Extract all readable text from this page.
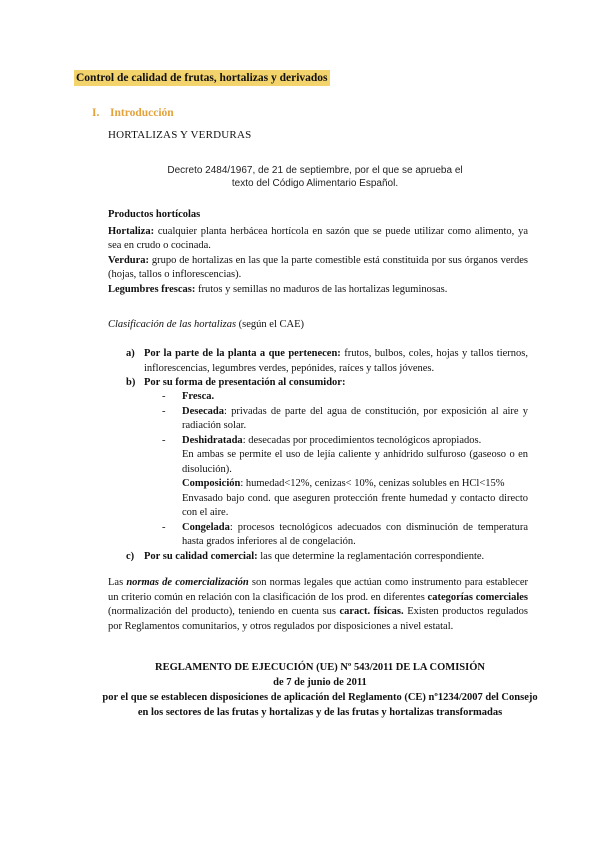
Control de calidad de frutas, hortalizas y derivados
I. Introducción
HORTALIZAS Y VERDURAS
Decreto 2484/1967, de 21 de septiembre, por el que se aprueba el
texto del Código Alimentario Español.
Productos hortícolas
Hortaliza: cualquier planta herbácea hortícola en sazón que se puede utilizar como alimento, ya sea en crudo o cocinada.
Verdura: grupo de hortalizas en las que la parte comestible está constituida por sus órganos verdes (hojas, tallos o inflorescencias).
Legumbres frescas: frutos y semillas no maduros de las hortalizas leguminosas.
Clasificación de las hortalizas (según el CAE)
a) Por la parte de la planta a que pertenecen: frutos, bulbos, coles, hojas y tallos tiernos, inflorescencias, legumbres verdes, pepónides, raíces y tallos jóvenes.
b) Por su forma de presentación al consumidor:
- Fresca.
- Desecada: privadas de parte del agua de constitución, por exposición al aire y radiación solar.
- Deshidratada: desecadas por procedimientos tecnológicos apropiados.
En ambas se permite el uso de lejía caliente y anhídrido sulfuroso (gaseoso o en disolución).
Composición: humedad<12%, cenizas< 10%, cenizas solubles en HCl<15%
Envasado bajo cond. que aseguren protección frente humedad y contacto directo con el aire.
- Congelada: procesos tecnológicos adecuados con disminución de temperatura hasta grados inferiores al de congelación.
c) Por su calidad comercial: las que determine la reglamentación correspondiente.
Las normas de comercialización son normas legales que actúan como instrumento para establecer un criterio común en relación con la clasificación de los prod. en diferentes categorías comerciales (normalización del producto), teniendo en cuenta sus caract. físicas. Existen productos regulados por Reglamentos comunitarios, y otros regulados por disposiciones a nivel estatal.
REGLAMENTO DE EJECUCIÓN (UE) Nº 543/2011 DE LA COMISIÓN
de 7 de junio de 2011
por el que se establecen disposiciones de aplicación del Reglamento (CE) nº1234/2007 del Consejo en los sectores de las frutas y hortalizas y de las frutas y hortalizas transformadas
